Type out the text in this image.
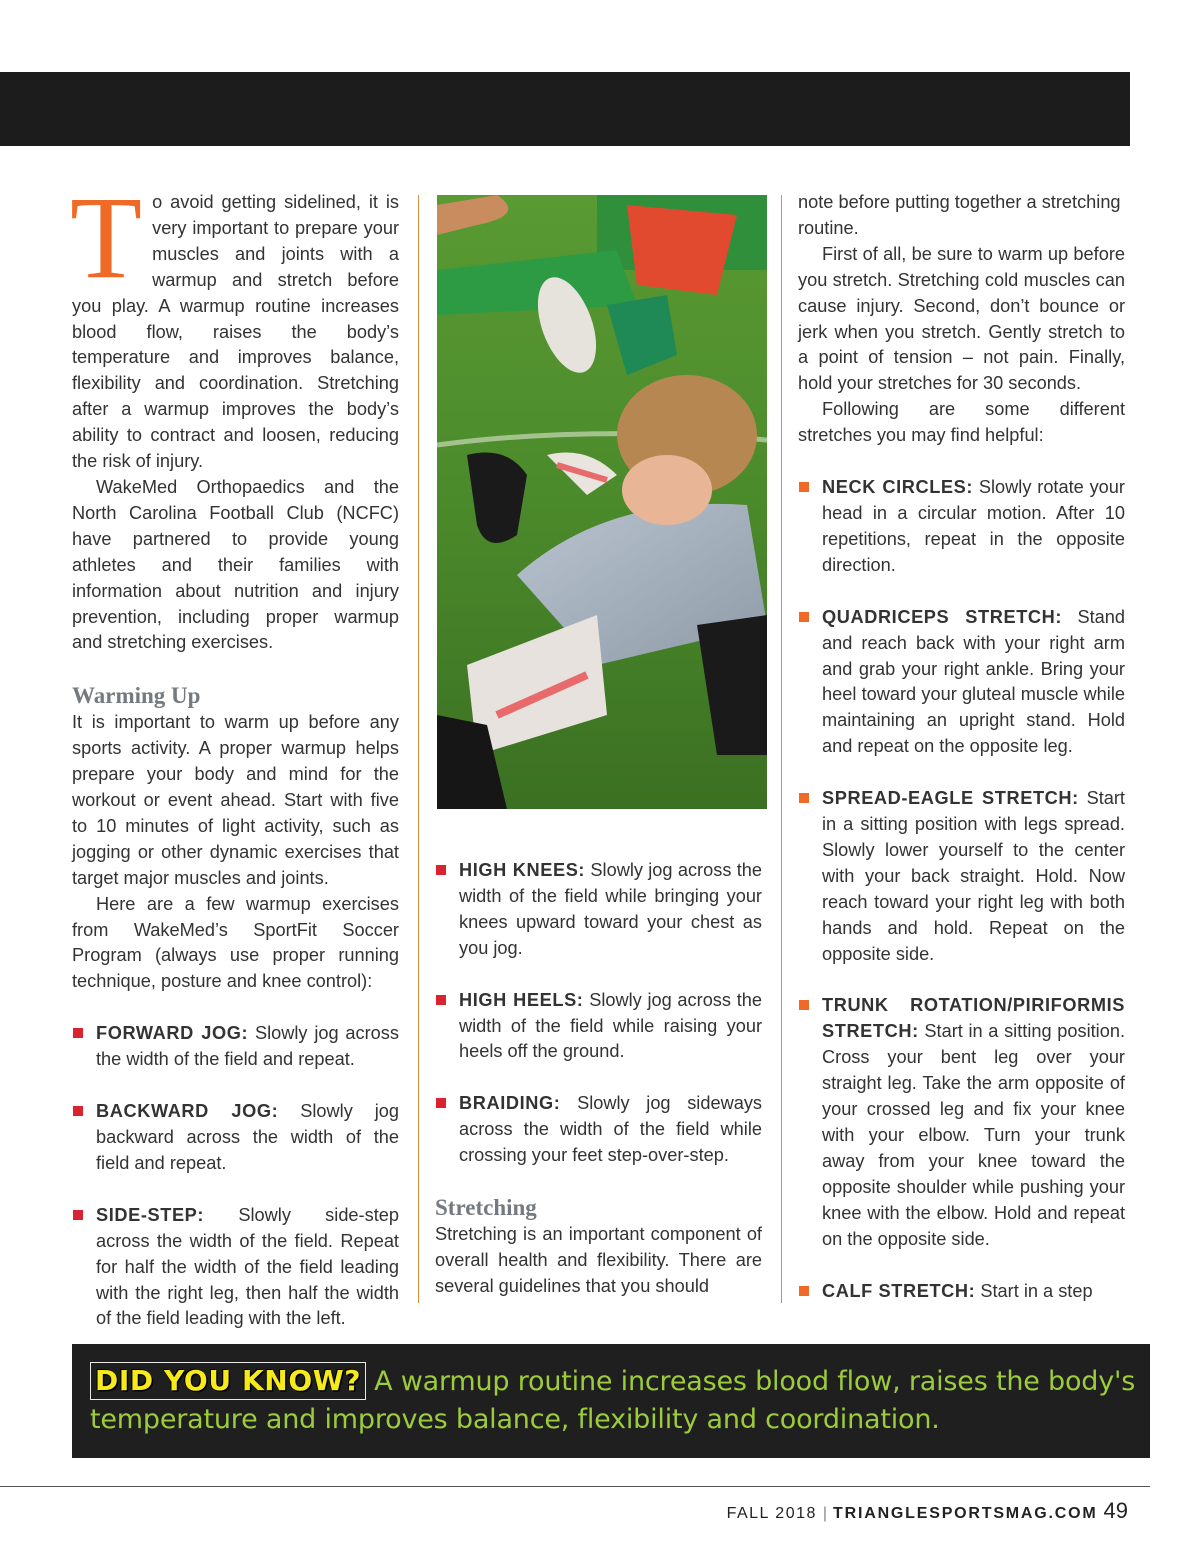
To avoid getting sidelined, it is very important to prepare your muscles and joints with a warmup and stretch before you play. A warmup routine increases blood flow, raises the body’s temperature and improves balance, flexibility and coordination. Stretching after a warmup improves the body’s ability to contract and loosen, reducing the risk of injury.

WakeMed Orthopaedics and the North Carolina Football Club (NCFC) have partnered to provide young athletes and their families with information about nutrition and injury prevention, including proper warmup and stretching exercises.

Warming Up

It is important to warm up before any sports activity. A proper warmup helps prepare your body and mind for the workout or event ahead. Start with five to 10 minutes of light activity, such as jogging or other dynamic exercises that target major muscles and joints.

Here are a few warmup exercises from WakeMed’s SportFit Soccer Program (always use proper running technique, posture and knee control):

FORWARD JOG: Slowly jog across the width of the field and repeat.
BACKWARD JOG: Slowly jog backward across the width of the field and repeat.
SIDE-STEP: Slowly side-step across the width of the field. Repeat for half the width of the field leading with the right leg, then half the width of the field leading with the left.
HIGH KNEES: Slowly jog across the width of the field while bringing your knees upward toward your chest as you jog.
HIGH HEELS: Slowly jog across the width of the field while raising your heels off the ground.
BRAIDING: Slowly jog sideways across the width of the field while crossing your feet step-over-step.
Stretching

Stretching is an important component of overall health and flexibility. There are several guidelines that you should

note before putting together a stretching routine.

First of all, be sure to warm up before you stretch. Stretching cold muscles can cause injury. Second, don’t bounce or jerk when you stretch. Gently stretch to a point of tension – not pain. Finally, hold your stretches for 30 seconds.

Following are some different stretches you may find helpful:

NECK CIRCLES: Slowly rotate your head in a circular motion. After 10 repetitions, repeat in the opposite direction.
QUADRICEPS STRETCH: Stand and reach back with your right arm and grab your right ankle. Bring your heel toward your gluteal muscle while maintaining an upright stand. Hold and repeat on the opposite leg.
SPREAD-EAGLE STRETCH: Start in a sitting position with legs spread. Slowly lower yourself to the center with your back straight. Hold. Now reach toward your right leg with both hands and hold. Repeat on the opposite side.
TRUNK ROTATION/PIRIFORMIS STRETCH: Start in a sitting position. Cross your bent leg over your straight leg. Take the arm opposite of your crossed leg and fix your knee with your elbow. Turn your trunk away from your knee toward the opposite shoulder while pushing your knee with the elbow. Hold and repeat on the opposite side.
CALF STRETCH: Start in a step
DID YOU KNOW? A warmup routine increases blood flow, raises the body's temperature and improves balance, flexibility and coordination.
FALL 2018 | TRIANGLESPORTSMAG.COM 49
